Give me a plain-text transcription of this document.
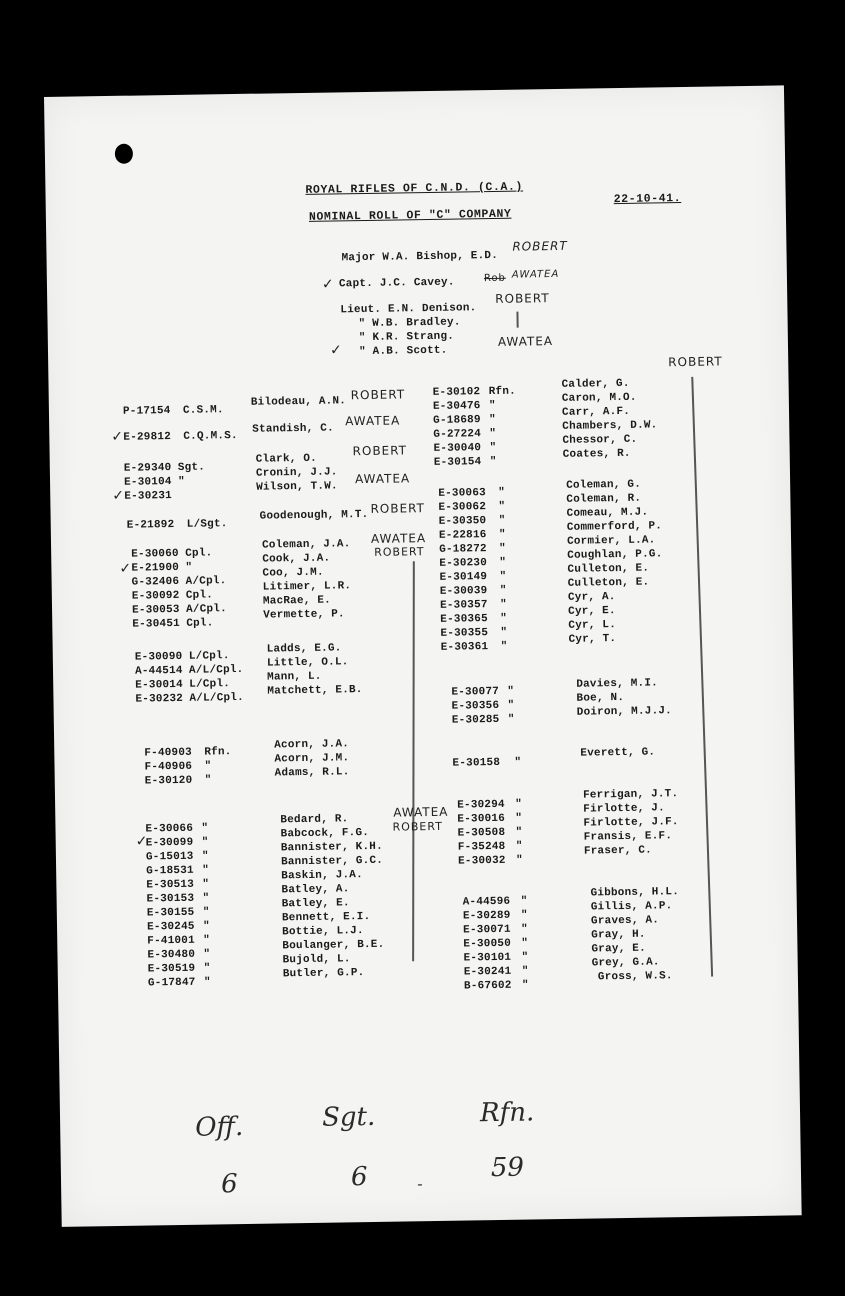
ROYAL RIFLES OF C.N.D. (C.A.)
NOMINAL ROLL OF "C" COMPANY
22-10-41.
Major W.A. Bishop, E.D.
ROBERT
✓ Capt. J.C. Cavey.	Rob AWATEA
Lieut. E.N. Denison.
ROBERT
" W.B. Bradley.
" K.R. Strang.
✓ " A.B. Scott.
AWATEA
P-17154 C.S.M.
Bilodeau, A.N.
E-29812 C.Q.M.S.
Standish, C.
E-29340 Sgt.
Clark, O.
E-30104 "
Cronin, J.J.
E-30231
Wilson, T.W.
E-21892 L/Sgt.
Goodenough, M.T.
E-30060 Cpl.
Coleman, J.A.
E-21900 "
Cook, J.A.
G-32406 A/Cpl.
Coo, J.M.
E-30092 Cpl.
Litimer, L.R.
E-30053 A/Cpl.
MacRae, E.
E-30451 Cpl.
Vermette, P.
E-30090 L/Cpl.
Ladds, E.G.
A-44514 A/L/Cpl.
Little, O.L.
E-30014 L/Cpl.
Mann, L.
E-30232 A/L/Cpl.
Matchett, E.B.
F-40903 Rfn.
Acorn, J.A.
F-40906 "
Acorn, J.M.
E-30120 "
Adams, R.L.
E-30066 "
Bedard, R.
E-30099 "
Babcock, F.G.
G-15013 "
Bannister, K.H.
G-18531 "
Bannister, G.C.
E-30513 "
Baskin, J.A.
E-30153 "
Batley, A.
E-30155 "
Batley, E.
E-30245 "
Bennett, E.I.
F-41001 "
Bottie, L.J.
E-30480 "
Boulanger, B.E.
E-30519 "
Bujold, L.
G-17847 "
Butler, G.P.
✓
✓
✓
✓
ROBERT
AWATEA
ROBERT
AWATEA
ROBERT
AWATEA
ROBERT
AWATEA
ROBERT
E-30102 Rfn.
Calder, G.
E-30476 "
Caron, M.O.
G-18689 "
Carr, A.F.
G-27224 "
Chambers, D.W.
E-30040 "
Chessor, C.
E-30154 "
Coates, R.
E-30063 "
Coleman, G.
E-30062 "
Coleman, R.
E-30350 "
Comeau, M.J.
E-22816 "
Commerford, P.
G-18272 "
Cormier, L.A.
E-30230 "
Coughlan, P.G.
E-30149 "
Culleton, E.
E-30039 "
Culleton, E.
E-30357 "
Cyr, A.
E-30365 "
Cyr, E.
E-30355 "
Cyr, L.
E-30361 "
Cyr, T.
E-30077 "
Davies, M.I.
E-30356 "
Boe, N.
E-30285 "
Doiron, M.J.J.
E-30158 "
Everett, G.
E-30294 "
Ferrigan, J.T.
E-30016 "
Firlotte, J.
E-30508 "
Firlotte, J.F.
F-35248 "
Fransis, E.F.
E-30032 "
Fraser, C.
A-44596 "
Gibbons, H.L.
E-30289 "
Gillis, A.P.
E-30071 "
Graves, A.
E-30050 "
Gray, H.
E-30101 "
Gray, E.
E-30241 "
Grey, G.A.
B-67602 "
Gross, W.S.
ROBERT
Off.
6
Sgt.
6	-
Rfn.
59
